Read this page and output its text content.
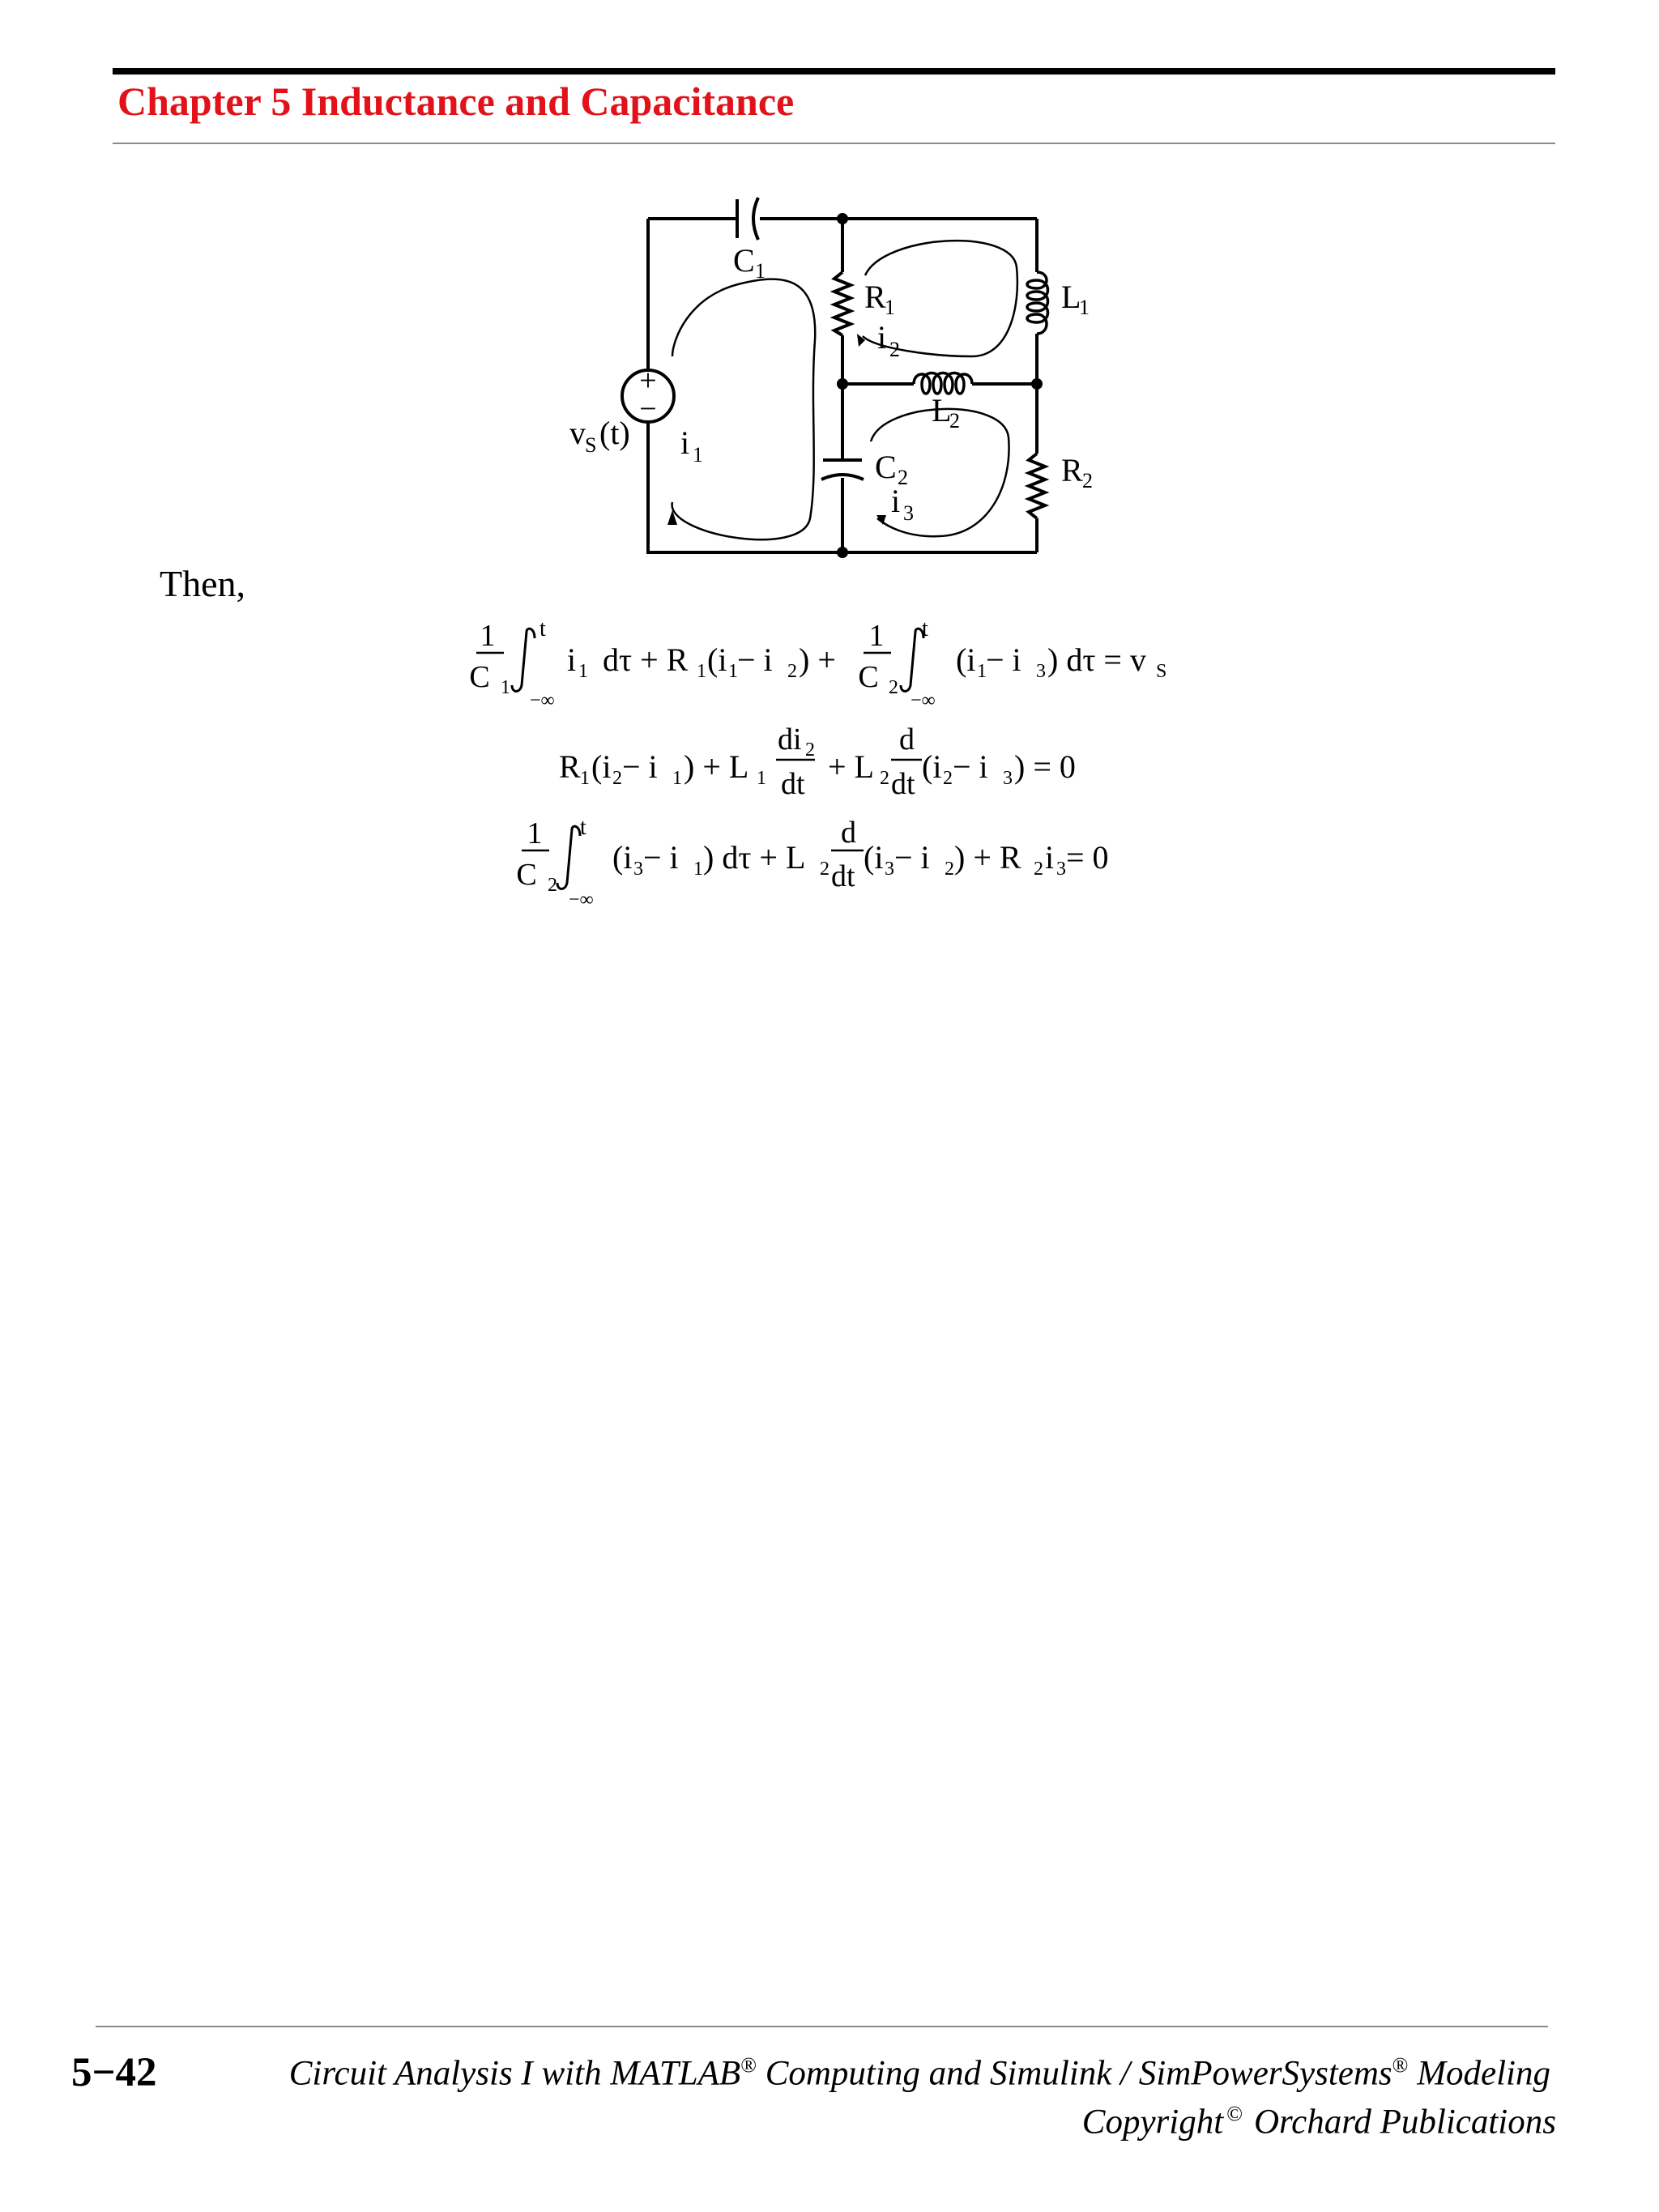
Chapter 5 Inductance and Capacitance
+
−
C 1
R
1
i 2
L
1
L
2
C 2
i 3
R 2
v S (t) i 1
Then,
1
C 1
t
−∞
i 1 dτ + R 1 (i 1 − i 2 ) +
1
C 2
t
−∞
(i 1 − i 3 ) dτ = v S
R 1 (i 2 − i 1 ) + L 1
di 2
dt + L 2
d
dt (i 2 − i 3 ) = 0
1
C 2
t
−∞
(i 3 − i 1 ) dτ + L 2
d
dt
(i 3 − i 2 ) + R 2 i 3 = 0
5−42	Circuit Analysis I with MATLAB® Computing and Simulink / SimPowerSystems® Modeling
Copyright © Orchard Publications
